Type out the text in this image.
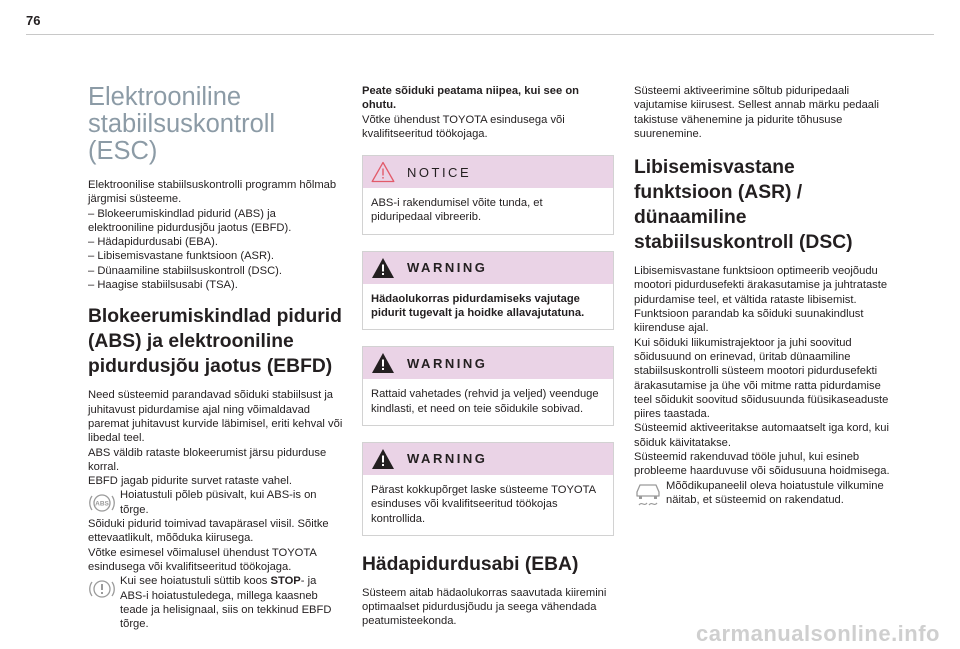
76
Elektrooniline
stabiilsuskontroll (ESC)

Elektroonilise stabiilsuskontrolli programm hõlmab järgmisi süsteeme.

– Blokeerumiskindlad pidurid (ABS) ja elektrooniline pidurdusjõu jaotus (EBFD).

– Hädapidurdusabi (EBA).

– Libisemisvastane funktsioon (ASR).

– Dünaamiline stabiilsuskontroll (DSC).

– Haagise stabiilsusabi (TSA).

Blokeerumiskindlad pidurid (ABS) ja elektrooniline pidurdusjõu jaotus (EBFD)

Need süsteemid parandavad sõiduki stabiilsust ja juhitavust pidurdamise ajal ning võimaldavad paremat juhitavust kurvide läbimisel, eriti kehval või libedal teel.

ABS väldib rataste blokeerumist järsu pidurduse korral.

EBFD jagab pidurite survet rataste vahel.

ABS

Hoiatustuli põleb püsivalt, kui ABS-is on tõrge.

Sõiduki pidurid toimivad tavapärasel viisil. Sõitke ettevaatlikult, mõõduka kiirusega.

Võtke esimesel võimalusel ühendust TOYOTA esindusega või kvalifitseeritud töökojaga.

Kui see hoiatustuli süttib koos STOP- ja ABS-i hoiatustuledega, millega kaasneb teade ja helisignaal, siis on tekkinud EBFD tõrge.

Peate sõiduki peatama niipea, kui see on ohutu.

Võtke ühendust TOYOTA esindusega või kvalifitseeritud töökojaga.

NOTICE

ABS-i rakendumisel võite tunda, et piduripedaal vibreerib.

WARNING

Hädaolukorras pidurdamiseks vajutage pidurit tugevalt ja hoidke allavajutatuna.

WARNING

Rattaid vahetades (rehvid ja veljed) veenduge kindlasti, et need on teie sõidukile sobivad.

WARNING

Pärast kokkupõrget laske süsteeme TOYOTA esinduses või kvalifitseeritud töökojas kontrollida.

Hädapidurdusabi (EBA)

Süsteem aitab hädaolukorras saavutada kiiremini optimaalset pidurdusjõudu ja seega vähendada peatumisteekonda.

Süsteemi aktiveerimine sõltub piduripedaali vajutamise kiirusest. Sellest annab märku pedaali takistuse vähenemine ja pidurite tõhususe suurenemine.

Libisemisvastane funktsioon (ASR) / dünaamiline stabiilsuskontroll (DSC)

Libisemisvastane funktsioon optimeerib veojõudu mootori pidurdusefekti ärakasutamise ja juhtrataste pidurdamise teel, et vältida rataste libisemist. Funktsioon parandab ka sõiduki suunakindlust kiirenduse ajal.

Kui sõiduki liikumistrajektoor ja juhi soovitud sõidusuund on erinevad, üritab dünaamiline stabiilsuskontrolli süsteem mootori pidurdusefekti ärakasutamise ja ühe või mitme ratta pidurdamise teel sõidukit soovitud sõidusuunda füüsikaseaduste piires taastada.

Süsteemid aktiveeritakse automaatselt iga kord, kui sõiduk käivitatakse.

Süsteemid rakenduvad tööle juhul, kui esineb probleeme haarduvuse või sõidusuuna hoidmisega.

Mõõdikupaneelil oleva hoiatustule vilkumine näitab, et süsteemid on rakendatud.

carmanualsonline.info
